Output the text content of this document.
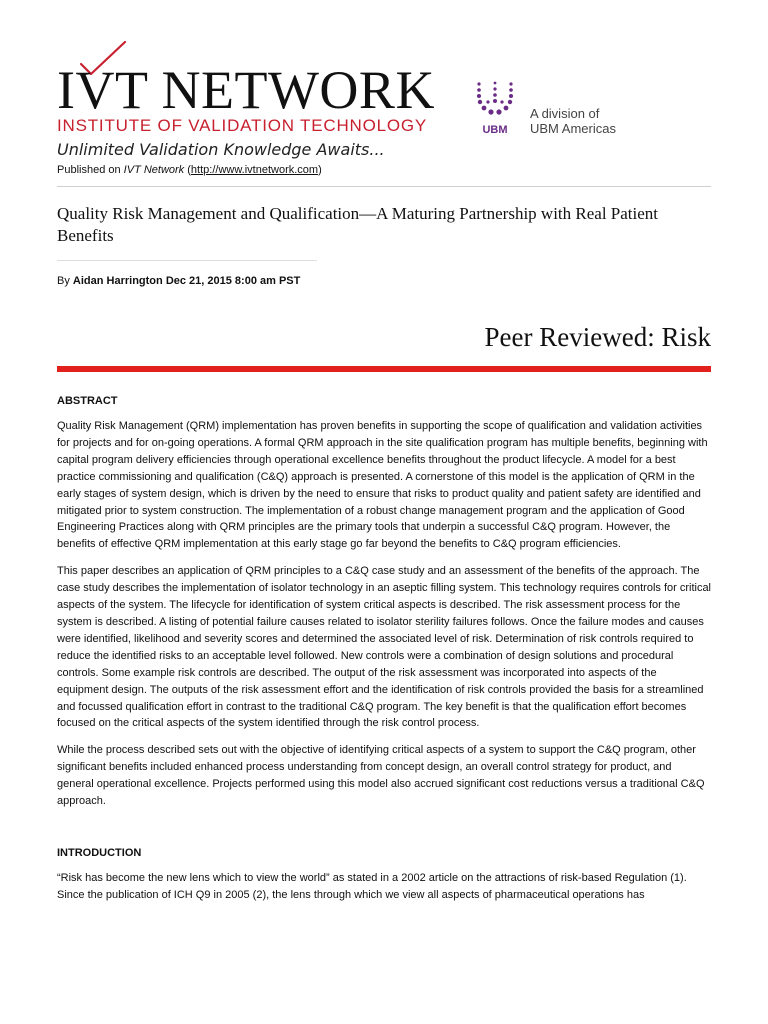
IVT NETWORK
INSTITUTE OF VALIDATION TECHNOLOGY
Unlimited Validation Knowledge Awaits...
UBM
A division of
UBM Americas
Published on IVT Network (http://www.ivtnetwork.com)
Quality Risk Management and Qualification—A Maturing Partnership with Real Patient Benefits
By Aidan Harrington Dec 21, 2015 8:00 am PST
Peer Reviewed: Risk
ABSTRACT

Quality Risk Management (QRM) implementation has proven benefits in supporting the scope of qualification and validation activities for projects and for on-going operations. A formal QRM approach in the site qualification program has multiple benefits, beginning with capital program delivery efficiencies through operational excellence benefits throughout the product lifecycle. A model for a best practice commissioning and qualification (C&Q) approach is presented. A cornerstone of this model is the application of QRM in the early stages of system design, which is driven by the need to ensure that risks to product quality and patient safety are identified and mitigated prior to system construction. The implementation of a robust change management program and the application of Good Engineering Practices along with QRM principles are the primary tools that underpin a successful C&Q program. However, the benefits of effective QRM implementation at this early stage go far beyond the benefits to C&Q program efficiencies.

This paper describes an application of QRM principles to a C&Q case study and an assessment of the benefits of the approach. The case study describes the implementation of isolator technology in an aseptic filling system. This technology requires controls for critical aspects of the system. The lifecycle for identification of system critical aspects is described. The risk assessment process for the system is described. A listing of potential failure causes related to isolator sterility failures follows. Once the failure modes and causes were identified, likelihood and severity scores and determined the associated level of risk. Determination of risk controls required to reduce the identified risks to an acceptable level followed. New controls were a combination of design solutions and procedural controls. Some example risk controls are described. The output of the risk assessment was incorporated into aspects of the equipment design. The outputs of the risk assessment effort and the identification of risk controls provided the basis for a streamlined and focussed qualification effort in contrast to the traditional C&Q program. The key benefit is that the qualification effort becomes focused on the critical aspects of the system identified through the risk control process.

While the process described sets out with the objective of identifying critical aspects of a system to support the C&Q program, other significant benefits included enhanced process understanding from concept design, an overall control strategy for product, and general operational excellence. Projects performed using this model also accrued significant cost reductions versus a traditional C&Q approach.

INTRODUCTION

“Risk has become the new lens which to view the world” as stated in a 2002 article on the attractions of risk-based Regulation (1). Since the publication of ICH Q9 in 2005 (2), the lens through which we view all aspects of pharmaceutical operations has
